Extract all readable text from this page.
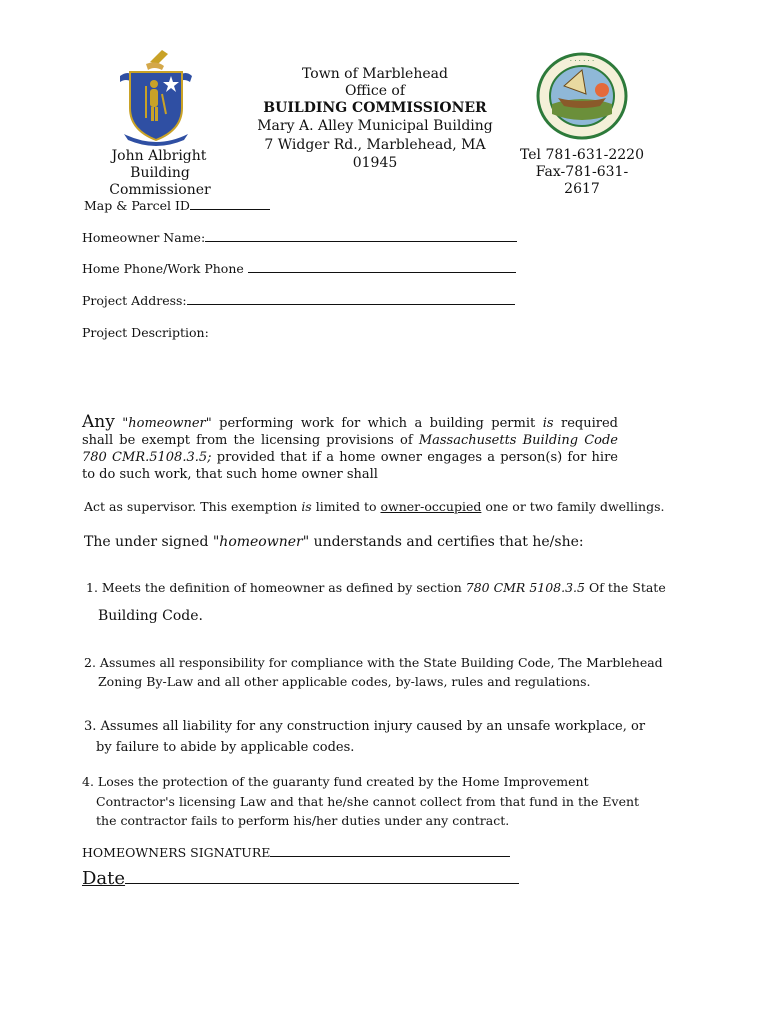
John Albright
Building Commissioner
Town of Marblehead
Office of
BUILDING COMMISSIONER
Mary A. Alley Municipal Building
7 Widger Rd., Marblehead, MA
01945
· · · · · ·
Tel 781-631-2220
Fax-781-631-2617
Map & Parcel ID
Homeowner Name:
Home Phone/Work Phone
Project Address:
Project Description:
Any "homeowner" performing work for which a building permit is required shall be exempt from the licensing provisions of Massachusetts Building Code 780 CMR.5108.3.5; provided that if a home owner engages a person(s) for hire to do such work, that such home owner shall
Act as supervisor. This exemption is limited to owner-occupied one or two family dwellings.
The under signed "homeowner" understands and certifies that he/she:
1. Meets the definition of homeowner as defined by section 780 CMR 5108.3.5 Of the State
Building Code.
2. Assumes all responsibility for compliance with the State Building Code, The Marblehead
Zoning By-Law and all other applicable codes, by-laws, rules and regulations.
3. Assumes all liability for any construction injury caused by an unsafe workplace, or
by failure to abide by applicable codes.
4. Loses the protection of the guaranty fund created by the Home Improvement
Contractor's licensing Law and that he/she cannot collect from that fund in the Event
the contractor fails to perform his/her duties under any contract.
HOMEOWNERS SIGNATURE
Date
